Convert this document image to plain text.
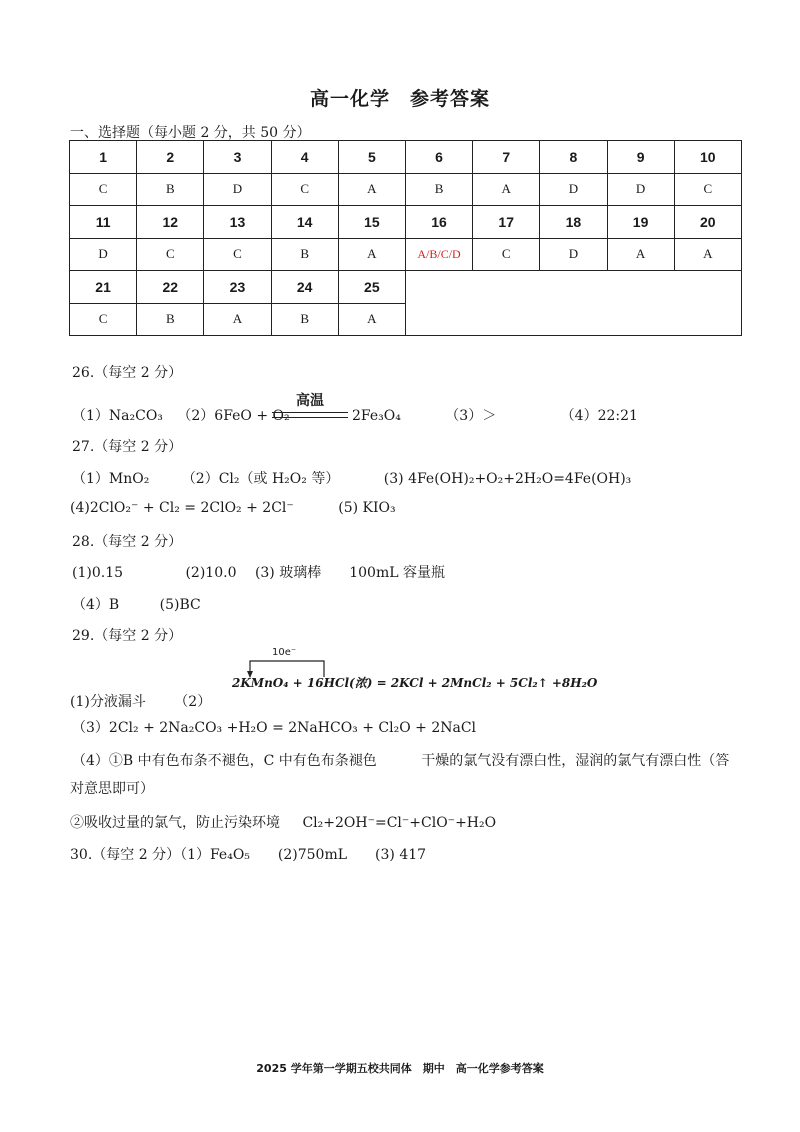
高一化学　参考答案
一、选择题（每小题 2 分，共 50 分）
1	2	3	4	5	6	7	8	9	10
C	B	D	C	A	B	A	D	D	C
11	12	13	14	15	16	17	18	19	20
D	C	C	B	A	A/B/C/D	C	D	A	A
21	22	23	24	25					
C	B	A	B	A					
26.（每空 2 分）
（1）Na₂CO₃ （2）6FeO + O₂
高温
2Fe₃O₄	（3）＞	（4）22:21
27.（每空 2 分）
（1）MnO₂ （2）Cl₂（或 H₂O₂ 等）	(3) 4Fe(OH)₂+O₂+2H₂O=4Fe(OH)₃
(4)2ClO₂⁻ + Cl₂ = 2ClO₂ + 2Cl⁻	(5) KIO₃
28.（每空 2 分）
(1)0.15	(2)10.0 (3) 玻璃棒　　100mL 容量瓶
（4）B	(5)BC
29.（每空 2 分）
10e⁻
2KMnO₄ + 16HCl(浓) = 2KCl + 2MnCl₂ + 5Cl₂↑ +8H₂O
(1)分液漏斗 （2）
（3）2Cl₂ + 2Na₂CO₃ +H₂O = 2NaHCO₃ + Cl₂O + 2NaCl
（4）①B 中有色布条不褪色，C 中有色布条褪色	干燥的氯气没有漂白性，湿润的氯气有漂白性（答
对意思即可）
②吸收过量的氯气，防止污染环境 Cl₂+2OH⁻=Cl⁻+ClO⁻+H₂O
30.（每空 2 分）（1）Fe₄O₅　　(2)750mL　　(3) 417
2025 学年第一学期五校共同体　期中　高一化学参考答案
